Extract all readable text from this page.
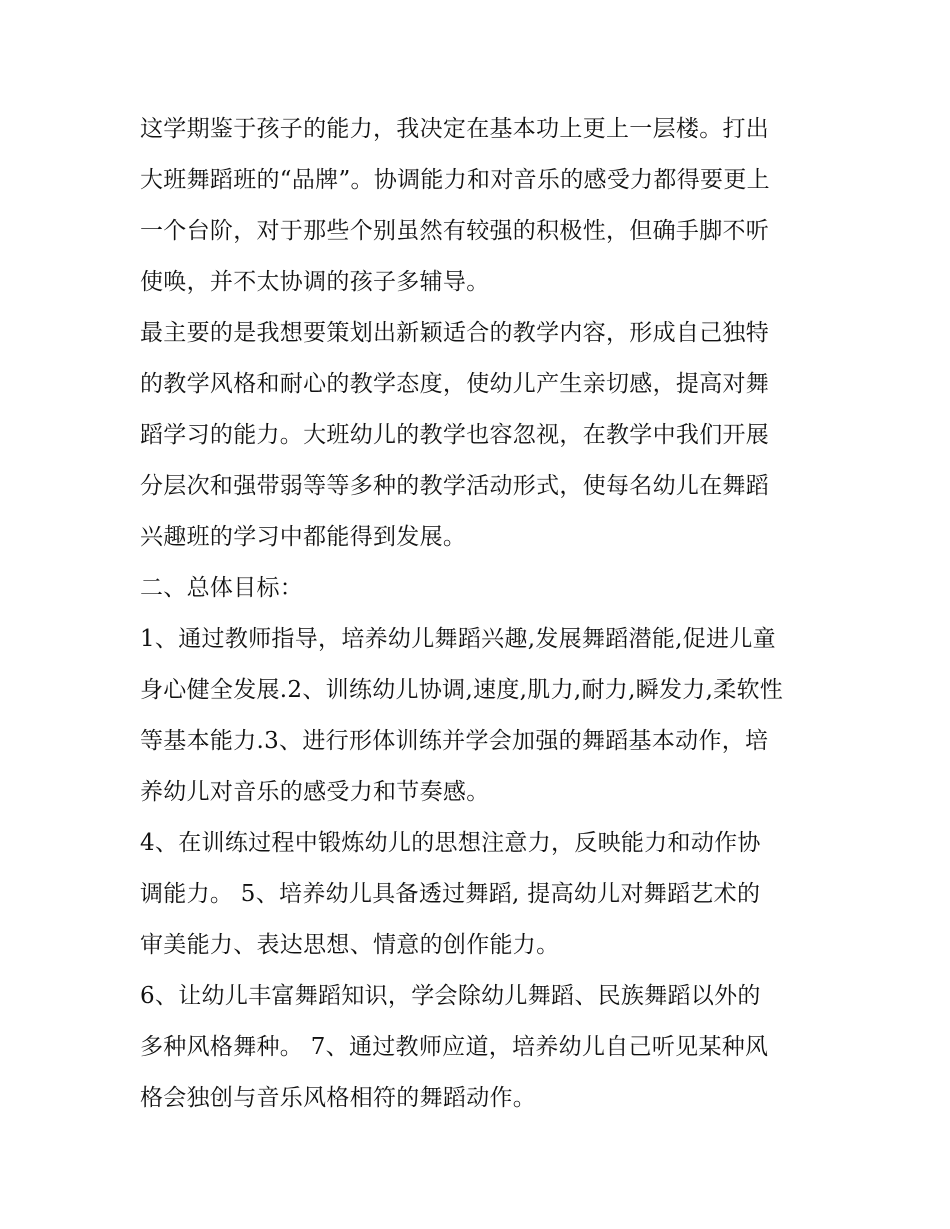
这学期鉴于孩子的能力，我决定在基本功上更上一层楼。打出
大班舞蹈班的“品牌”。协调能力和对音乐的感受力都得要更上
一个台阶，对于那些个别虽然有较强的积极性，但确手脚不听
使唤，并不太协调的孩子多辅导。
最主要的是我想要策划出新颖适合的教学内容，形成自己独特
的教学风格和耐心的教学态度，使幼儿产生亲切感，提高对舞
蹈学习的能力。大班幼儿的教学也容忽视，在教学中我们开展
分层次和强带弱等等多种的教学活动形式，使每名幼儿在舞蹈
兴趣班的学习中都能得到发展。
二、总体目标：
1、通过教师指导，培养幼儿舞蹈兴趣,发展舞蹈潜能,促进儿童
身心健全发展.2、训练幼儿协调,速度,肌力,耐力,瞬发力,柔软性
等基本能力.3、进行形体训练并学会加强的舞蹈基本动作，培
养幼儿对音乐的感受力和节奏感。
4、在训练过程中锻炼幼儿的思想注意力，反映能力和动作协
调能力。 5、培养幼儿具备透过舞蹈, 提高幼儿对舞蹈艺术的
审美能力、表达思想、情意的创作能力。
6、让幼儿丰富舞蹈知识，学会除幼儿舞蹈、民族舞蹈以外的
多种风格舞种。 7、通过教师应道，培养幼儿自己听见某种风
格会独创与音乐风格相符的舞蹈动作。
